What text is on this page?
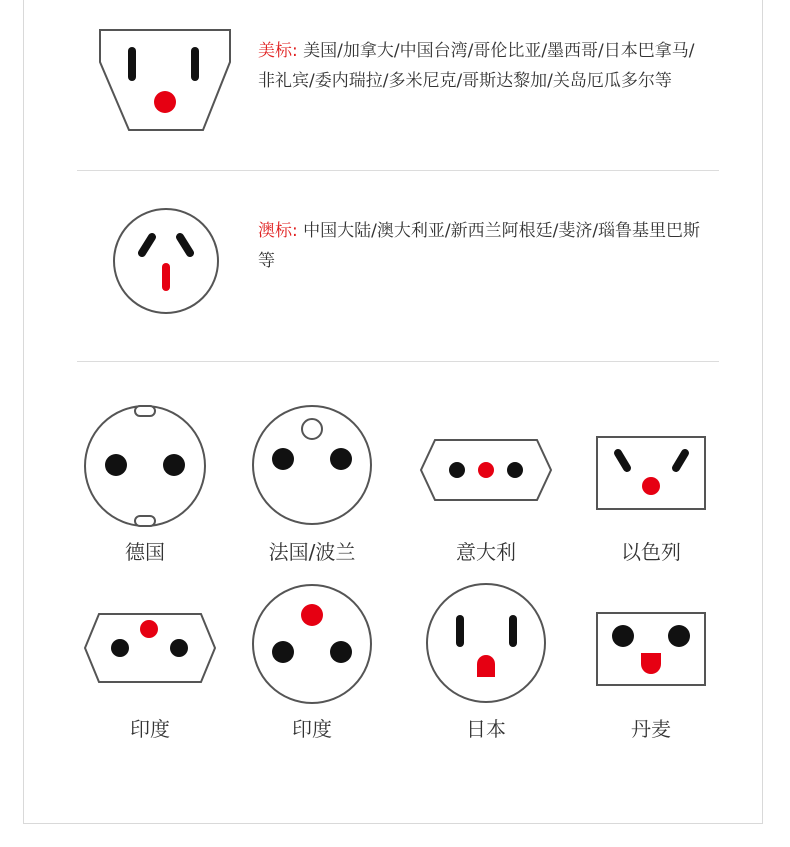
美标: 美国/加拿大/中国台湾/哥伦比亚/墨西哥/日本巴拿马/非礼宾/委内瑞拉/多米尼克/哥斯达黎加/关岛厄瓜多尔等
澳标: 中国大陆/澳大利亚/新西兰阿根廷/斐济/瑙鲁基里巴斯等
德国	法国/波兰	意大利	以色列
印度	印度	日本	丹麦
